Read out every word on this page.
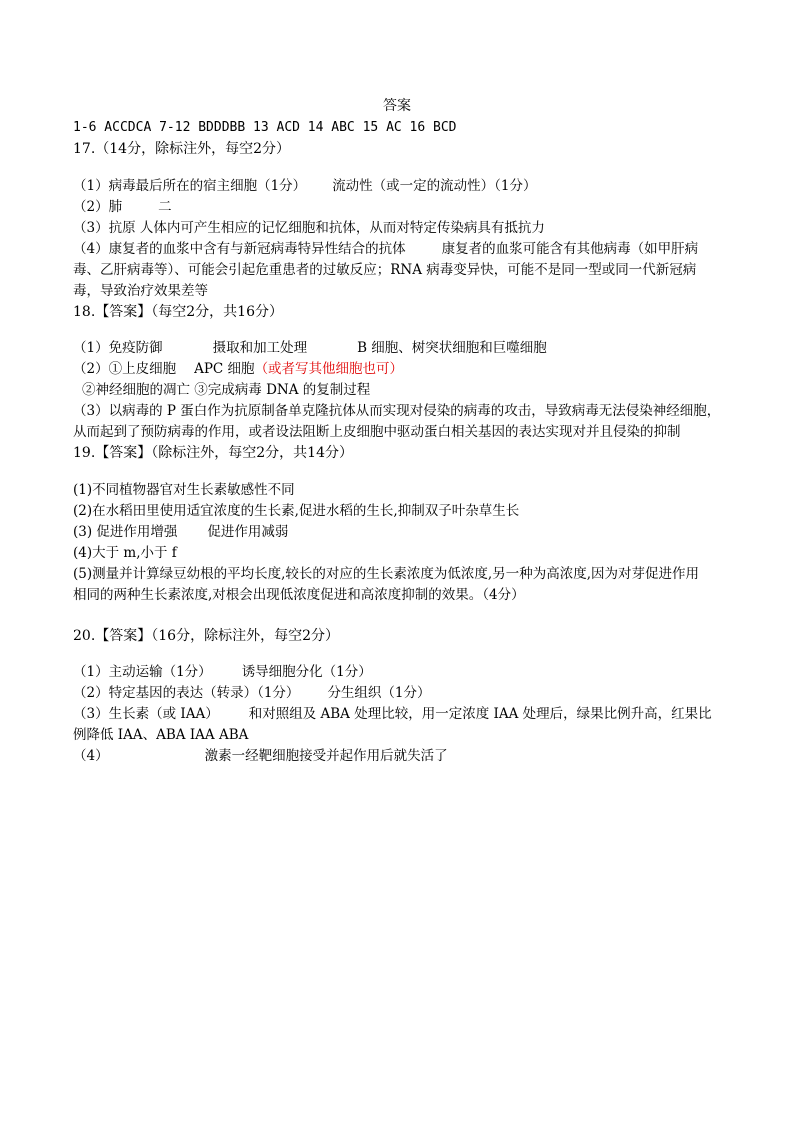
答案
1-6 ACCDCA 7-12 BDDDBB 13 ACD 14 ABC 15 AC 16 BCD
17.（14分，除标注外，每空2分）
（1）病毒最后所在的宿主细胞（1分） 流动性（或一定的流动性）（1分）
（2）肺	二
（3）抗原 人体内可产生相应的记忆细胞和抗体，从而对特定传染病具有抵抗力
（4）康复者的血浆中含有与新冠病毒特异性结合的抗体	康复者的血浆可能含有其他病毒（如甲肝病
毒、乙肝病毒等）、可能会引起危重患者的过敏反应；RNA 病毒变异快，可能不是同一型或同一代新冠病
毒，导致治疗效果差等
18.【答案】（每空2分，共16分）
（1）免疫防御	摄取和加工处理	B 细胞、树突状细胞和巨噬细胞
（2）①上皮细胞 APC 细胞（或者写其他细胞也可）
②神经细胞的凋亡 ③完成病毒 DNA 的复制过程
（3）以病毒的 P 蛋白作为抗原制备单克隆抗体从而实现对侵染的病毒的攻击，导致病毒无法侵染神经细胞，
从而起到了预防病毒的作用，或者设法阻断上皮细胞中驱动蛋白相关基因的表达实现对并且侵染的抑制
19.【答案】（除标注外，每空2分，共14分）
(1)不同植物器官对生长素敏感性不同
(2)在水稻田里使用适宜浓度的生长素,促进水稻的生长,抑制双子叶杂草生长
(3) 促进作用增强 促进作用减弱
(4)大于 m,小于 f
(5)测量并计算绿豆幼根的平均长度,较长的对应的生长素浓度为低浓度,另一种为高浓度,因为对芽促进作用
相同的两种生长素浓度,对根会出现低浓度促进和高浓度抑制的效果。（4分）
20.【答案】（16分，除标注外，每空2分）
（1）主动运输（1分） 诱导细胞分化（1分）
（2）特定基因的表达（转录）（1分） 分生组织（1分）
（3）生长素（或 IAA） 和对照组及 ABA 处理比较，用一定浓度 IAA 处理后，绿果比例升高，红果比
例降低 IAA、ABA IAA ABA
（4）	激素一经靶细胞接受并起作用后就失活了
